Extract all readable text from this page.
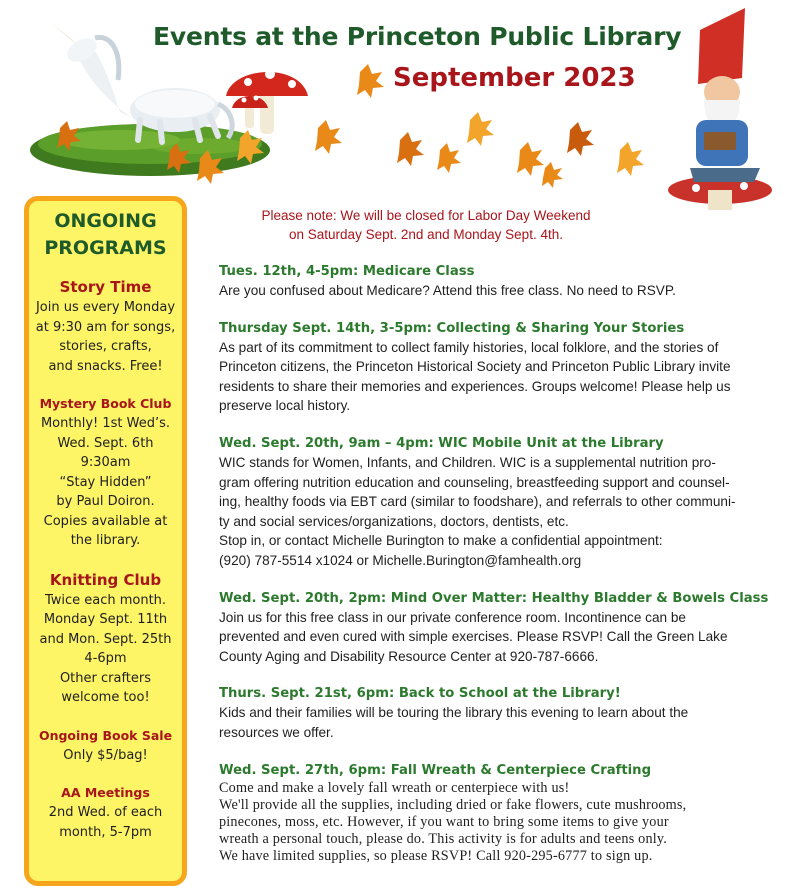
Events at the Princeton Public Library
September 2023
ONGOING
PROGRAMS
Story Time
Join us every Monday
at 9:30 am for songs,
stories, crafts,
and snacks. Free!
Mystery Book Club
Monthly! 1st Wed’s.
Wed. Sept. 6th
9:30am
“Stay Hidden”
by Paul Doiron.
Copies available at
the library.
Knitting Club
Twice each month.
Monday Sept. 11th
and Mon. Sept. 25th
4-6pm
Other crafters
welcome too!
Ongoing Book Sale
Only $5/bag!
AA Meetings
2nd Wed. of each
month, 5-7pm
Please note: We will be closed for Labor Day Weekend
on Saturday Sept. 2nd and Monday Sept. 4th.
Tues. 12th, 4-5pm: Medicare Class
Are you confused about Medicare? Attend this free class. No need to RSVP.
Thursday Sept. 14th, 3-5pm: Collecting & Sharing Your Stories
As part of its commitment to collect family histories, local folklore, and the stories of
Princeton citizens, the Princeton Historical Society and Princeton Public Library invite
residents to share their memories and experiences. Groups welcome! Please help us
preserve local history.
Wed. Sept. 20th, 9am – 4pm: WIC Mobile Unit at the Library
WIC stands for Women, Infants, and Children. WIC is a supplemental nutrition pro-
gram offering nutrition education and counseling, breastfeeding support and counsel-
ing, healthy foods via EBT card (similar to foodshare), and referrals to other communi-
ty and social services/organizations, doctors, dentists, etc.
Stop in, or contact Michelle Burington to make a confidential appointment:
(920) 787-5514 x1024 or Michelle.Burington@famhealth.org
Wed. Sept. 20th, 2pm: Mind Over Matter: Healthy Bladder & Bowels Class
Join us for this free class in our private conference room. Incontinence can be
prevented and even cured with simple exercises. Please RSVP! Call the Green Lake
County Aging and Disability Resource Center at 920-787-6666.
Thurs. Sept. 21st, 6pm: Back to School at the Library!
Kids and their families will be touring the library this evening to learn about the
resources we offer.
Wed. Sept. 27th, 6pm: Fall Wreath & Centerpiece Crafting
Come and make a lovely fall wreath or centerpiece with us!
We'll provide all the supplies, including dried or fake flowers, cute mushrooms,
pinecones, moss, etc. However, if you want to bring some items to give your
wreath a personal touch, please do. This activity is for adults and teens only.
We have limited supplies, so please RSVP! Call 920-295-6777 to sign up.
